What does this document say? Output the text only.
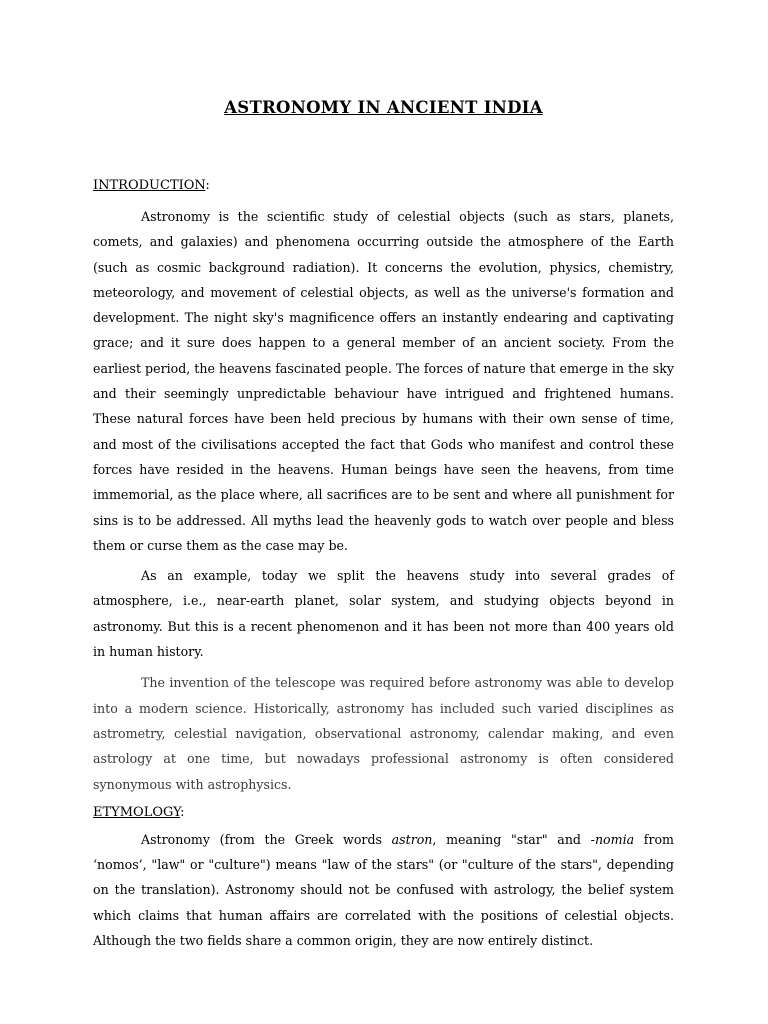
ASTRONOMY IN ANCIENT INDIA
INTRODUCTION:

Astronomy is the scientific study of celestial objects (such as stars, planets, comets, and galaxies) and phenomena occurring outside the atmosphere of the Earth (such as cosmic background radiation). It concerns the evolution, physics, chemistry, meteorology, and movement of celestial objects, as well as the universe's formation and development. The night sky's magnificence offers an instantly endearing and captivating grace; and it sure does happen to a general member of an ancient society. From the earliest period, the heavens fascinated people. The forces of nature that emerge in the sky and their seemingly unpredictable behaviour have intrigued and frightened humans. These natural forces have been held precious by humans with their own sense of time, and most of the civilisations accepted the fact that Gods who manifest and control these forces have resided in the heavens. Human beings have seen the heavens, from time immemorial, as the place where, all sacrifices are to be sent and where all punishment for sins is to be addressed. All myths lead the heavenly gods to watch over people and bless them or curse them as the case may be.

As an example, today we split the heavens study into several grades of atmosphere, i.e., near-earth planet, solar system, and studying objects beyond in astronomy. But this is a recent phenomenon and it has been not more than 400 years old in human history.

The invention of the telescope was required before astronomy was able to develop into a modern science. Historically, astronomy has included such varied disciplines as astrometry, celestial navigation, observational astronomy, calendar making, and even astrology at one time, but nowadays professional astronomy is often considered synonymous with astrophysics.

ETYMOLOGY:

Astronomy (from the Greek words astron, meaning "star" and -nomia from ‘nomos’, "law" or "culture") means "law of the stars" (or "culture of the stars", depending on the translation). Astronomy should not be confused with astrology, the belief system which claims that human affairs are correlated with the positions of celestial objects. Although the two fields share a common origin, they are now entirely distinct.
